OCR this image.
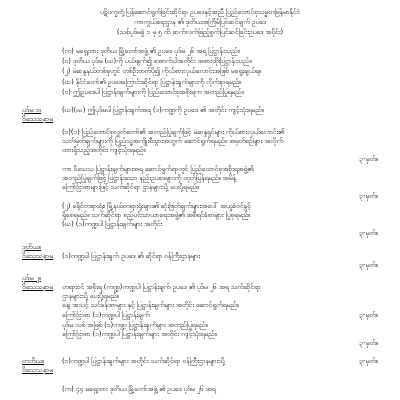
ပဋိပက္ခတုံ့ပြန်ဆောင်ရွက်ခြင်းဆိုင်ရာ ဥပဒေနှင့်အညီ ပြည်ထောင်စုသမ္မတမြန်မာနိုင်ငံ
ကာကွယ်ရေးဌာန ၏ ဒုတိယအကြိမ်ပြင်ဆင်ချက် ဥပဒေ
(သစ်ပုဒ်မခွဲ ၁ မှ ၅ ထိ ဆက်လက်ဖြည့်စွက်ပြင်ဆင်ခြင်းဥပဒေ အပိုင်း)
(က) မရှေ့ထား ဒုတိယ မြို့တော်အဖွဲ့ ၏ ဥပဒေ ပုဒ်မ ၂၆ အရ ပြဋ္ဌာန်းသည်။
(၁) ဒုတိယ ပုဒ်မ (ဃ)ကို ပယ်ဖျက်၍ အောက်ပါအတိုင်း အစားထိုးပြဋ္ဌာန်းသည်။
(၂) မဲဆန္ဒနယ်တစ်ခုတွင် တစ်ဦးထက်ပို၍ ကိုယ်စားလှယ်လောင်းအဖြစ် မရွေးချယ်ရ။
(ဃ) နိုင်ငံတော်၏ ဥပဒေကြောင်းဆိုင်ရာ ပြဋ္ဌာန်းချက်များကို လိုက်နာရမည်။
(င) ဤဥပဒေပါ ပြဋ္ဌာန်းချက်များကို ပြည်ထောင်စုအစိုးရက အတည်ပြုရမည်။
ပုဒ်မ ၁။
ဝိသေသနာမ
(ဃ)(ဃ) ဤပုဒ်မပါ ပြဋ္ဌာန်းချက်အရ (၁)ကဏ္ဍကို ဥပဒေ ၏ အတိုင်း ကျင့်သုံးရမည်။
(၁)(၁) ပြည်ထောင်စုလွှတ်တော်၏ အတည်ပြုချက်ဖြင့် မဲဆန္ဒရှင်များ ကိုယ်စားလှယ်လောင်း၏
သတ်မှတ်ချက်များကို ပြည်သူ့အကျိုးစီးပွားအတွက် ဆောင်ရွက်ရမည်။ အမှတ်စဉ်များ အလိုက်
ထားရှိသည့်အတိုင်း ကျင့်သုံးရမည်။
၃-မှတ်။
ကာ ဝိသေသ ပြဋ္ဌာန်းချက်များအရ ဆောင်ရွက်ရာတွင် ပြည်ထောင်စုအစိုးရအဖွဲ့၏
အတည်ပြုချက်ဖြင့် ပြဋ္ဌာန်းသော နည်းဥပဒေများကို ထုတ်ပြန်ရမည်။ အမိန့်
ကြော်ငြာစာများဖြင့် သက်ဆိုင်ရာ ဌာနများသို့ ပေးပို့ရမည်။
၃-မှတ်။
(၂) ခရိုင်တရားရုံး၊ မြို့နယ်တရားရုံးများ၏ ဆုံးဖြတ်ချက်များအပေါ် အယူခံဝင်ခွင့်
ရှိစေရမည်။ သက်ဆိုင်ရာ စည်ပင်သာယာရေးအဖွဲ့၏ အစီရင်ခံစာများ ပြုစုရမည်။
(ဃ) (၁)ကဏ္ဍပါ ပြဋ္ဌာန်းချက်များ အတိုင်း
၃-မှတ်။
ဒုတိယ။
ဝိသေသနာမ (၁)ကဏ္ဍပါ ပြဋ္ဌာန်းချက် ဥပဒေ ၏ ဆိုင်ရာ ဝန်ကြီးဌာနများ
၃-မှတ်။
ပုဒ်မ ၂။
ဝိသေသနာမ တရားဝင် အစိုးရ (ကဏ္ဍ)ကဏ္ဍပါ ပြဋ္ဌာန်းချက် ဥပဒေ ၏ ပုဒ်မ ၂၆ အရ သက်ဆိုင်ရာ
ဌာနများသို့ ပေးပို့ရမည်။
နေ့၊ အသင့် သင်ခန်းစာများ နှင့် ပြဋ္ဌာန်းချက်များ အတိုင်း ဆောင်ရွက်ရမည်။
ကြော်ငြာစာ (၁)ကဏ္ဍပါ ပြဋ္ဌာန်းချက်	၃-မှတ်။
ပုဒ်မ သစ် အဖြစ် (၁)ကဏ္ဍ ပြဋ္ဌာန်းချက်များ အတည်ပြုရမည်။
ကြော်ငြာစာ (၁)ကဏ္ဍပါ ပြဋ္ဌာန်းချက်များ အတိုင်း ကျင့်သုံးရမည်။
၃-မှတ်။
တတိယ။
ဝိသေသနာမ
(၁)ကဏ္ဍပါ ပြဋ္ဌာန်းချက်များ အတိုင်း သက်ဆိုင်ရာ ဝန်ကြီးဌာနများသို့	၃-မှတ်။
(က) ၄၄ မရှေ့ထား ဒုတိယ မြို့တော်အဖွဲ့ ၏ ဥပဒေ ပုဒ်မ ၂၆ အရ
